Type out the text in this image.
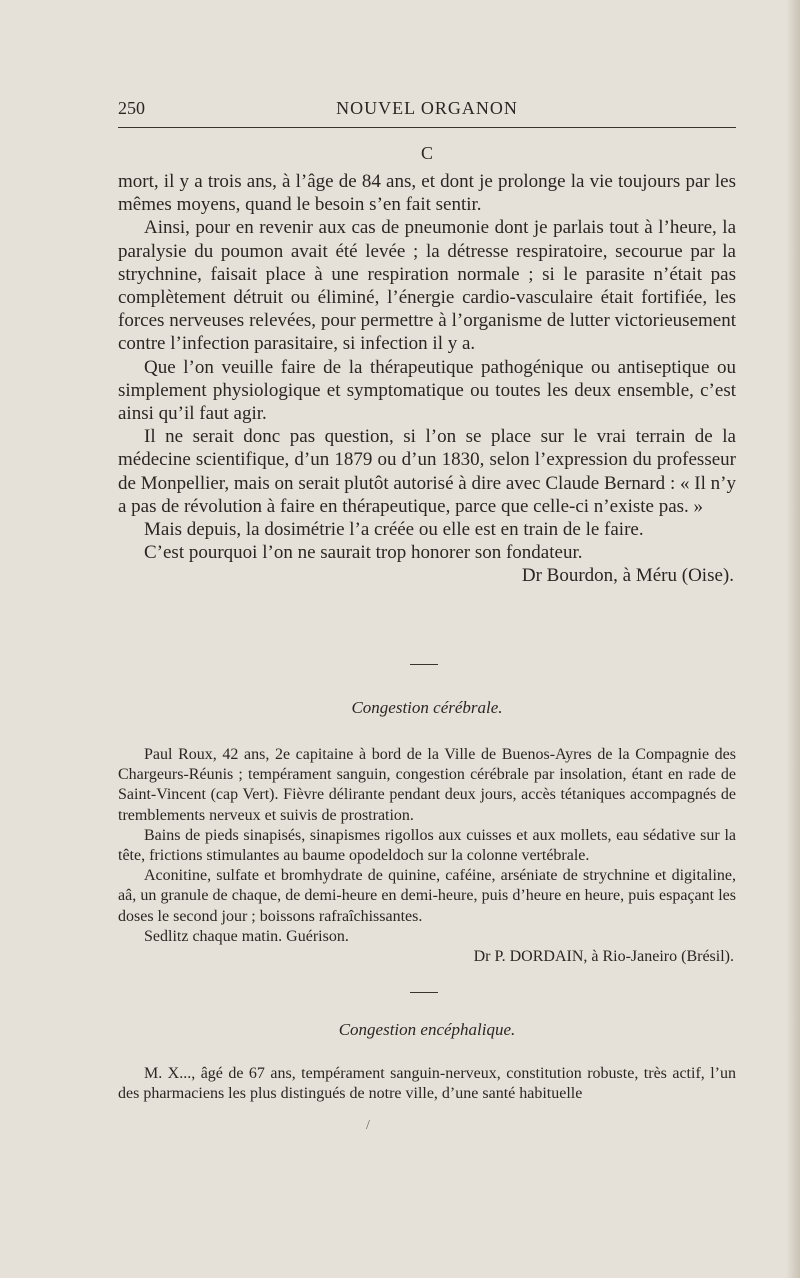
250	NOUVEL ORGANON
C

mort, il y a trois ans, à l’âge de 84 ans, et dont je prolonge la vie toujours par les mêmes moyens, quand le besoin s’en fait sentir.

Ainsi, pour en revenir aux cas de pneumonie dont je parlais tout à l’heure, la paralysie du poumon avait été levée ; la détresse respiratoire, secourue par la strychnine, faisait place à une respiration normale ; si le parasite n’était pas complètement détruit ou éliminé, l’énergie cardio-vasculaire était fortifiée, les forces nerveuses relevées, pour permettre à l’organisme de lutter victorieusement contre l’infection parasitaire, si infection il y a.

Que l’on veuille faire de la thérapeutique pathogénique ou antiseptique ou simplement physiologique et symptomatique ou toutes les deux ensemble, c’est ainsi qu’il faut agir.

Il ne serait donc pas question, si l’on se place sur le vrai terrain de la médecine scientifique, d’un 1879 ou d’un 1830, selon l’expression du professeur de Monpellier, mais on serait plutôt autorisé à dire avec Claude Bernard : « Il n’y a pas de révolution à faire en thérapeutique, parce que celle-ci n’existe pas. »

Mais depuis, la dosimétrie l’a créée ou elle est en train de le faire.

C’est pourquoi l’on ne saurait trop honorer son fondateur.

Dr Bourdon, à Méru (Oise).

Congestion cérébrale.

Paul Roux, 42 ans, 2e capitaine à bord de la Ville de Buenos-Ayres de la Compagnie des Chargeurs-Réunis ; tempérament sanguin, congestion cérébrale par insolation, étant en rade de Saint-Vincent (cap Vert). Fièvre délirante pendant deux jours, accès tétaniques accompagnés de tremblements nerveux et suivis de prostration.

Bains de pieds sinapisés, sinapismes rigollos aux cuisses et aux mollets, eau sédative sur la tête, frictions stimulantes au baume opodeldoch sur la colonne vertébrale.

Aconitine, sulfate et bromhydrate de quinine, caféine, arséniate de strychnine et digitaline, aâ, un granule de chaque, de demi-heure en demi-heure, puis d’heure en heure, puis espaçant les doses le second jour ; boissons rafraîchissantes.

Sedlitz chaque matin. Guérison.

Dr P. DORDAIN, à Rio-Janeiro (Brésil).

Congestion encéphalique.

M. X..., âgé de 67 ans, tempérament sanguin-nerveux, constitution robuste, très actif, l’un des pharmaciens les plus distingués de notre ville, d’une santé habituelle

/
